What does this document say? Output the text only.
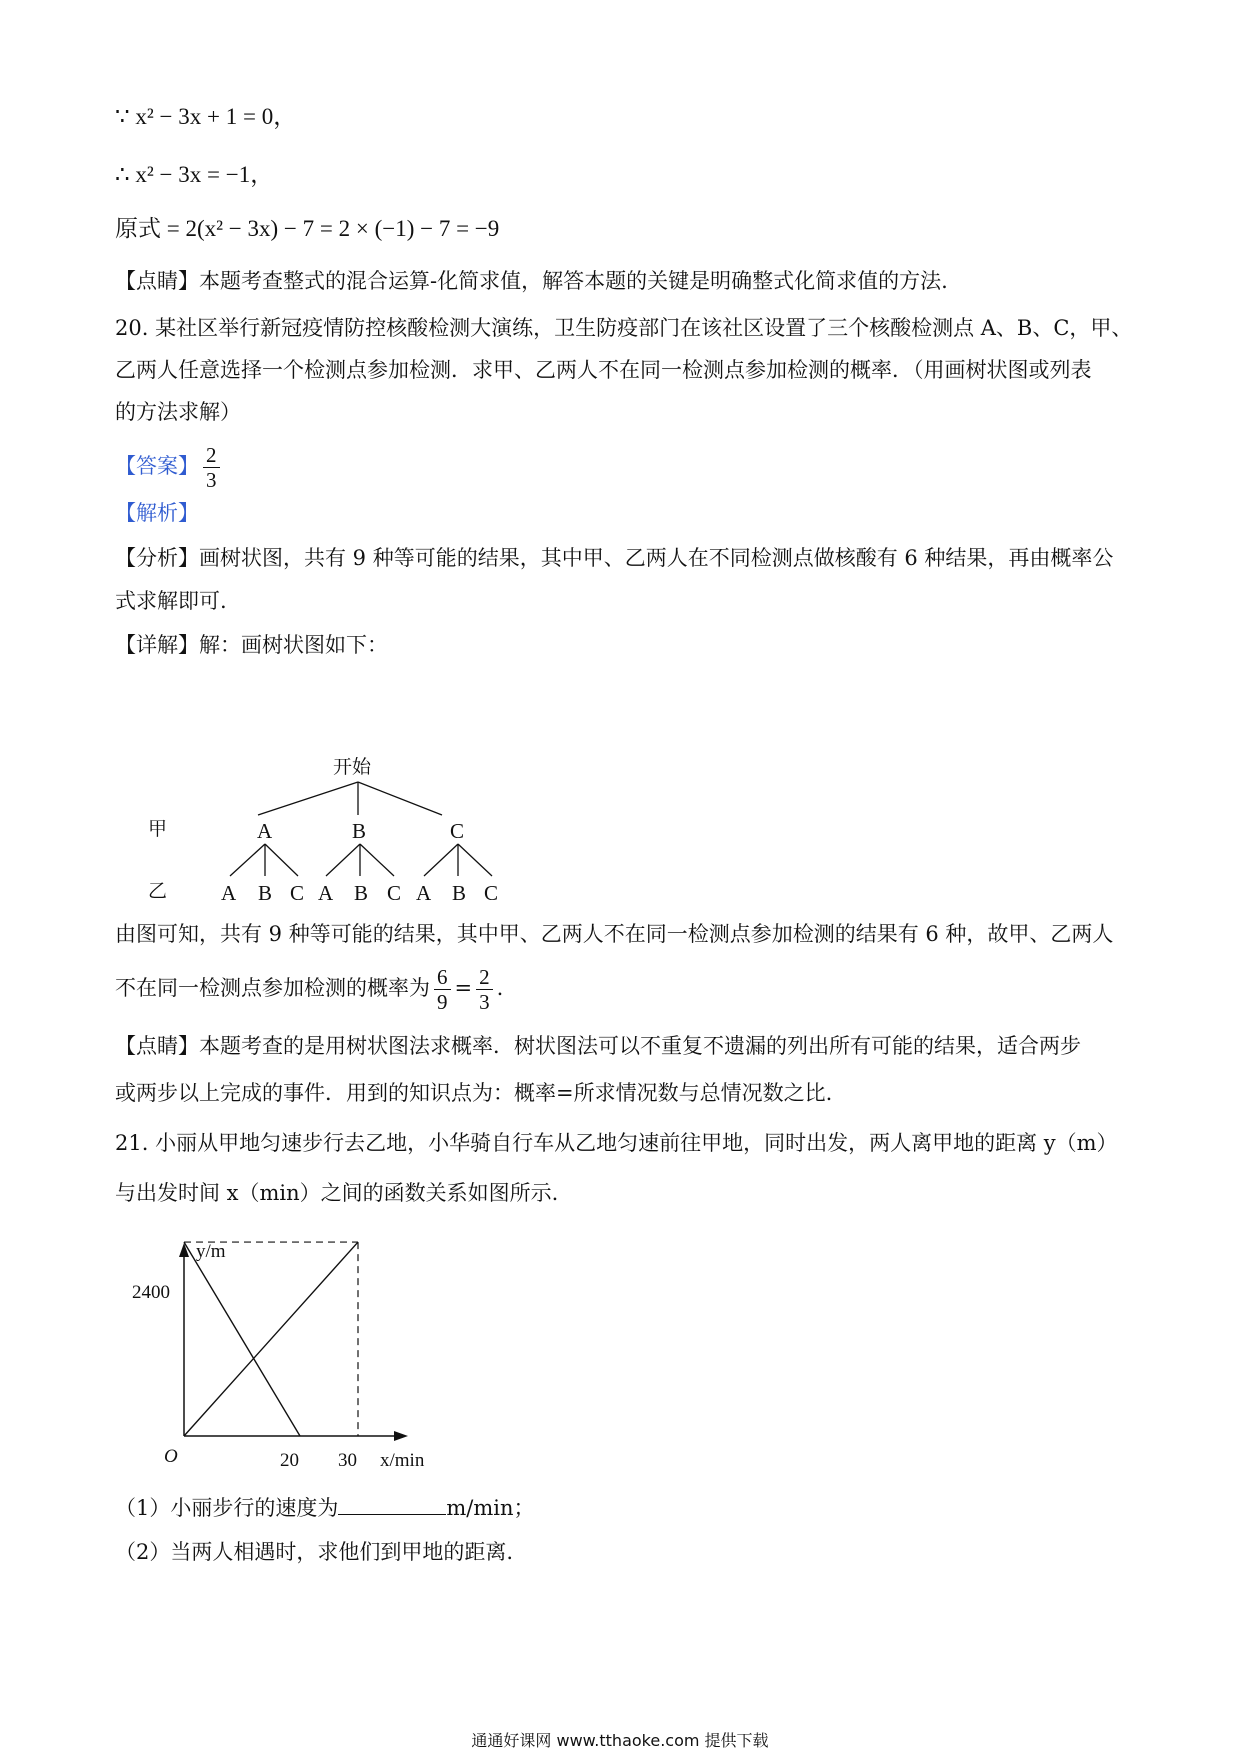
∵ x² − 3x + 1 = 0，
∴ x² − 3x = −1，
原式 = 2(x² − 3x) − 7 = 2 × (−1) − 7 = −9
【点睛】本题考查整式的混合运算-化简求值，解答本题的关键是明确整式化简求值的方法.
20. 某社区举行新冠疫情防控核酸检测大演练，卫生防疫部门在该社区设置了三个核酸检测点 A、B、C，甲、
乙两人任意选择一个检测点参加检测．求甲、乙两人不在同一检测点参加检测的概率．（用画树状图或列表
的方法求解）
【答案】 $\frac{2}{3}$
【解析】
【分析】画树状图，共有 9 种等可能的结果，其中甲、乙两人在不同检测点做核酸有 6 种结果，再由概率公
式求解即可.
【详解】解：画树状图如下：
开始
甲
乙
A	B	C
A B C A B C A B C
由图可知，共有 9 种等可能的结果，其中甲、乙两人不在同一检测点参加检测的结果有 6 种，故甲、乙两人
不在同一检测点参加检测的概率为 $\frac{6}{9} = \frac{2}{3}$ .
【点睛】本题考查的是用树状图法求概率．树状图法可以不重复不遗漏的列出所有可能的结果，适合两步
或两步以上完成的事件．用到的知识点为：概率=所求情况数与总情况数之比.
21. 小丽从甲地匀速步行去乙地，小华骑自行车从乙地匀速前往甲地，同时出发，两人离甲地的距离 y（m）
与出发时间 x（min）之间的函数关系如图所示.
y/m
x/min
O
2400
20 30
（1）小丽步行的速度为	m/min；
（2）当两人相遇时，求他们到甲地的距离.
通通好课网 www.tthaoke.com 提供下载
